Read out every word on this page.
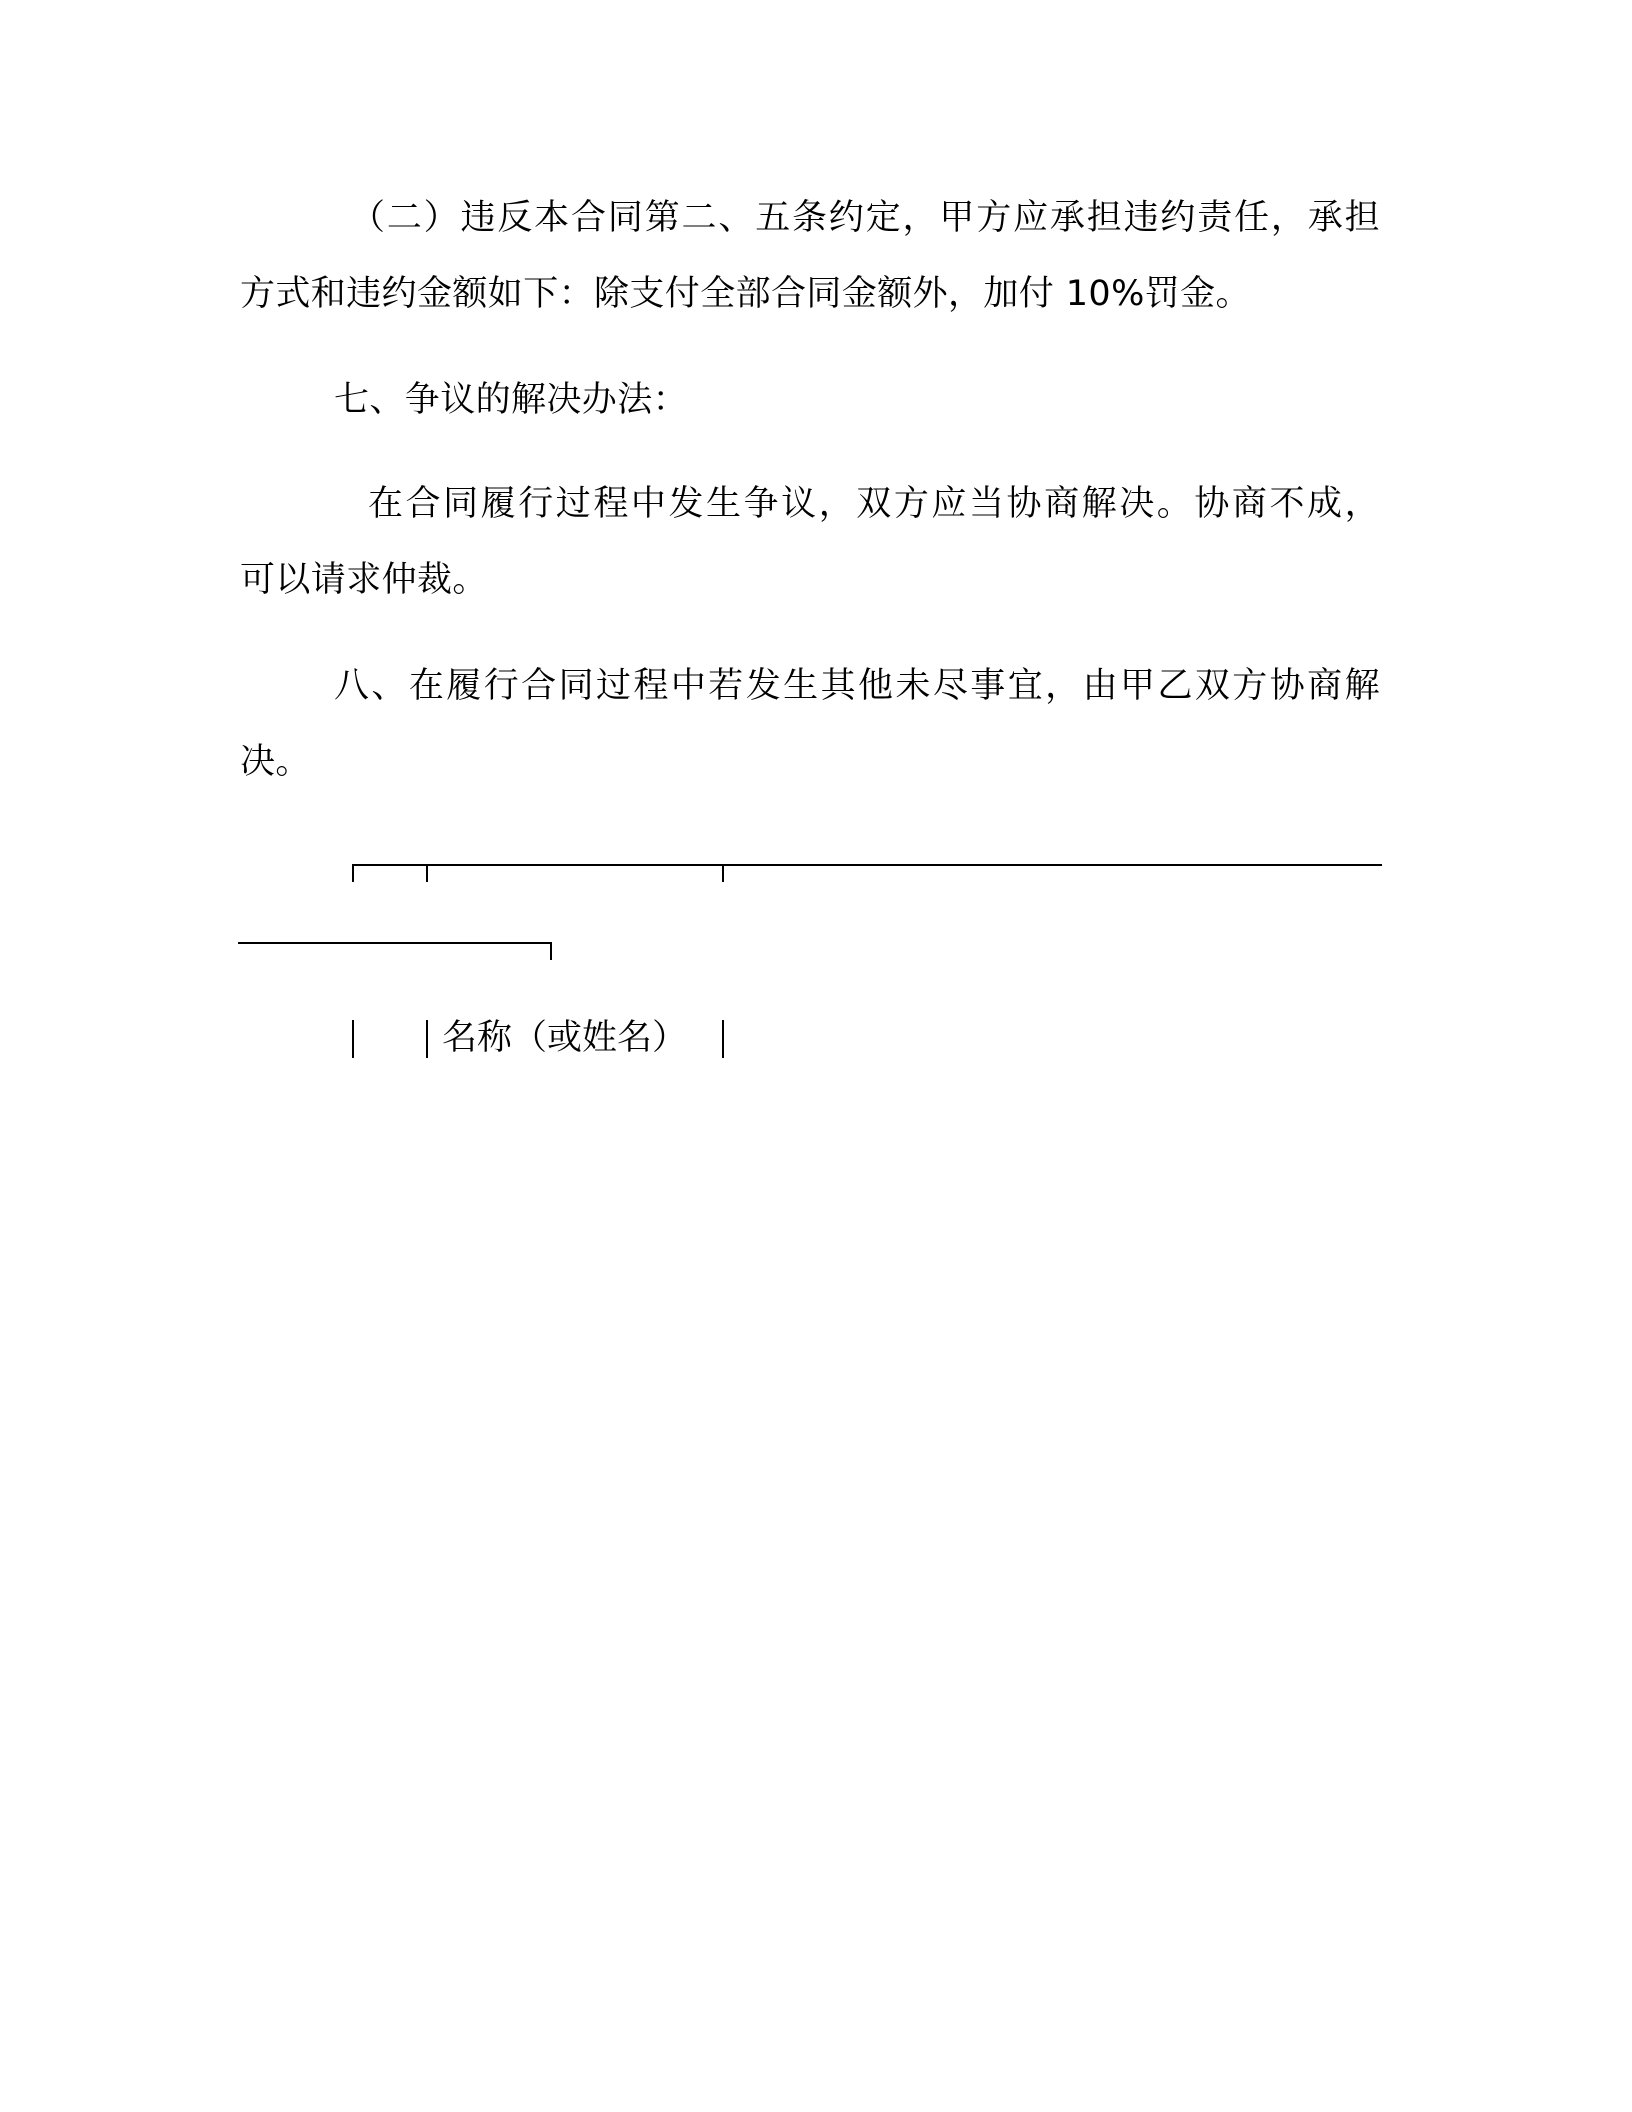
（二）违反本合同第二、五条约定，甲方应承担违约责任，承担
方式和违约金额如下：除支付全部合同金额外，加付 10%罚金。
七、争议的解决办法：
在合同履行过程中发生争议，双方应当协商解决。协商不成，
可以请求仲裁。
八、在履行合同过程中若发生其他未尽事宜，由甲乙双方协商解
决。
名称（或姓名）
